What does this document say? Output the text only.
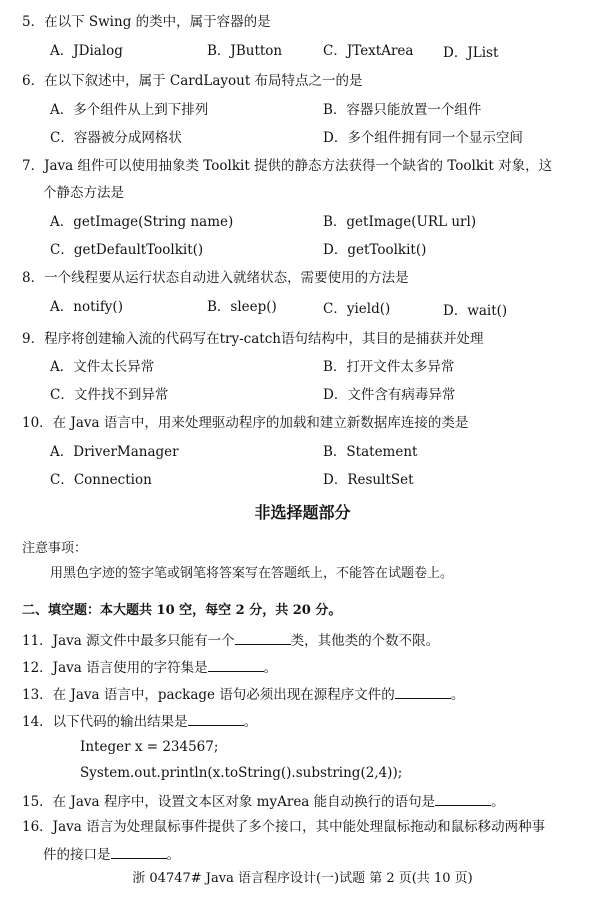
5．在以下 Swing 的类中，属于容器的是
A．JDialog	B．JButton	C．JTextArea D．JList
6．在以下叙述中，属于 CardLayout 布局特点之一的是
A．多个组件从上到下排列	B．容器只能放置一个组件
C．容器被分成网格状	D．多个组件拥有同一个显示空间
7．Java 组件可以使用抽象类 Toolkit 提供的静态方法获得一个缺省的 Toolkit 对象，这
个静态方法是
A．getImage(String name)	B．getImage(URL url)
C．getDefaultToolkit()	D．getToolkit()
8．一个线程要从运行状态自动进入就绪状态，需要使用的方法是
A．notify()	B．sleep()	C．yield()	D．wait()
9．程序将创建输入流的代码写在try-catch语句结构中，其目的是捕获并处理
A．文件太长异常	B．打开文件太多异常
C．文件找不到异常	D．文件含有病毒异常
10．在 Java 语言中，用来处理驱动程序的加载和建立新数据库连接的类是
A．DriverManager	B．Statement
C．Connection	D．ResultSet
非选择题部分
注意事项：
用黑色字迹的签字笔或钢笔将答案写在答题纸上，不能答在试题卷上。
二、填空题：本大题共 10 空，每空 2 分，共 20 分。
11．Java 源文件中最多只能有一个	类，其他类的个数不限。
12．Java 语言使用的字符集是	。
13．在 Java 语言中，package 语句必须出现在源程序文件的	。
14．以下代码的输出结果是	。
Integer x = 234567;
System.out.println(x.toString().substring(2,4));
15．在 Java 程序中，设置文本区对象 myArea 能自动换行的语句是	。
16．Java 语言为处理鼠标事件提供了多个接口，其中能处理鼠标拖动和鼠标移动两种事
件的接口是	。
浙 04747# Java 语言程序设计(一)试题 第 2 页(共 10 页)
